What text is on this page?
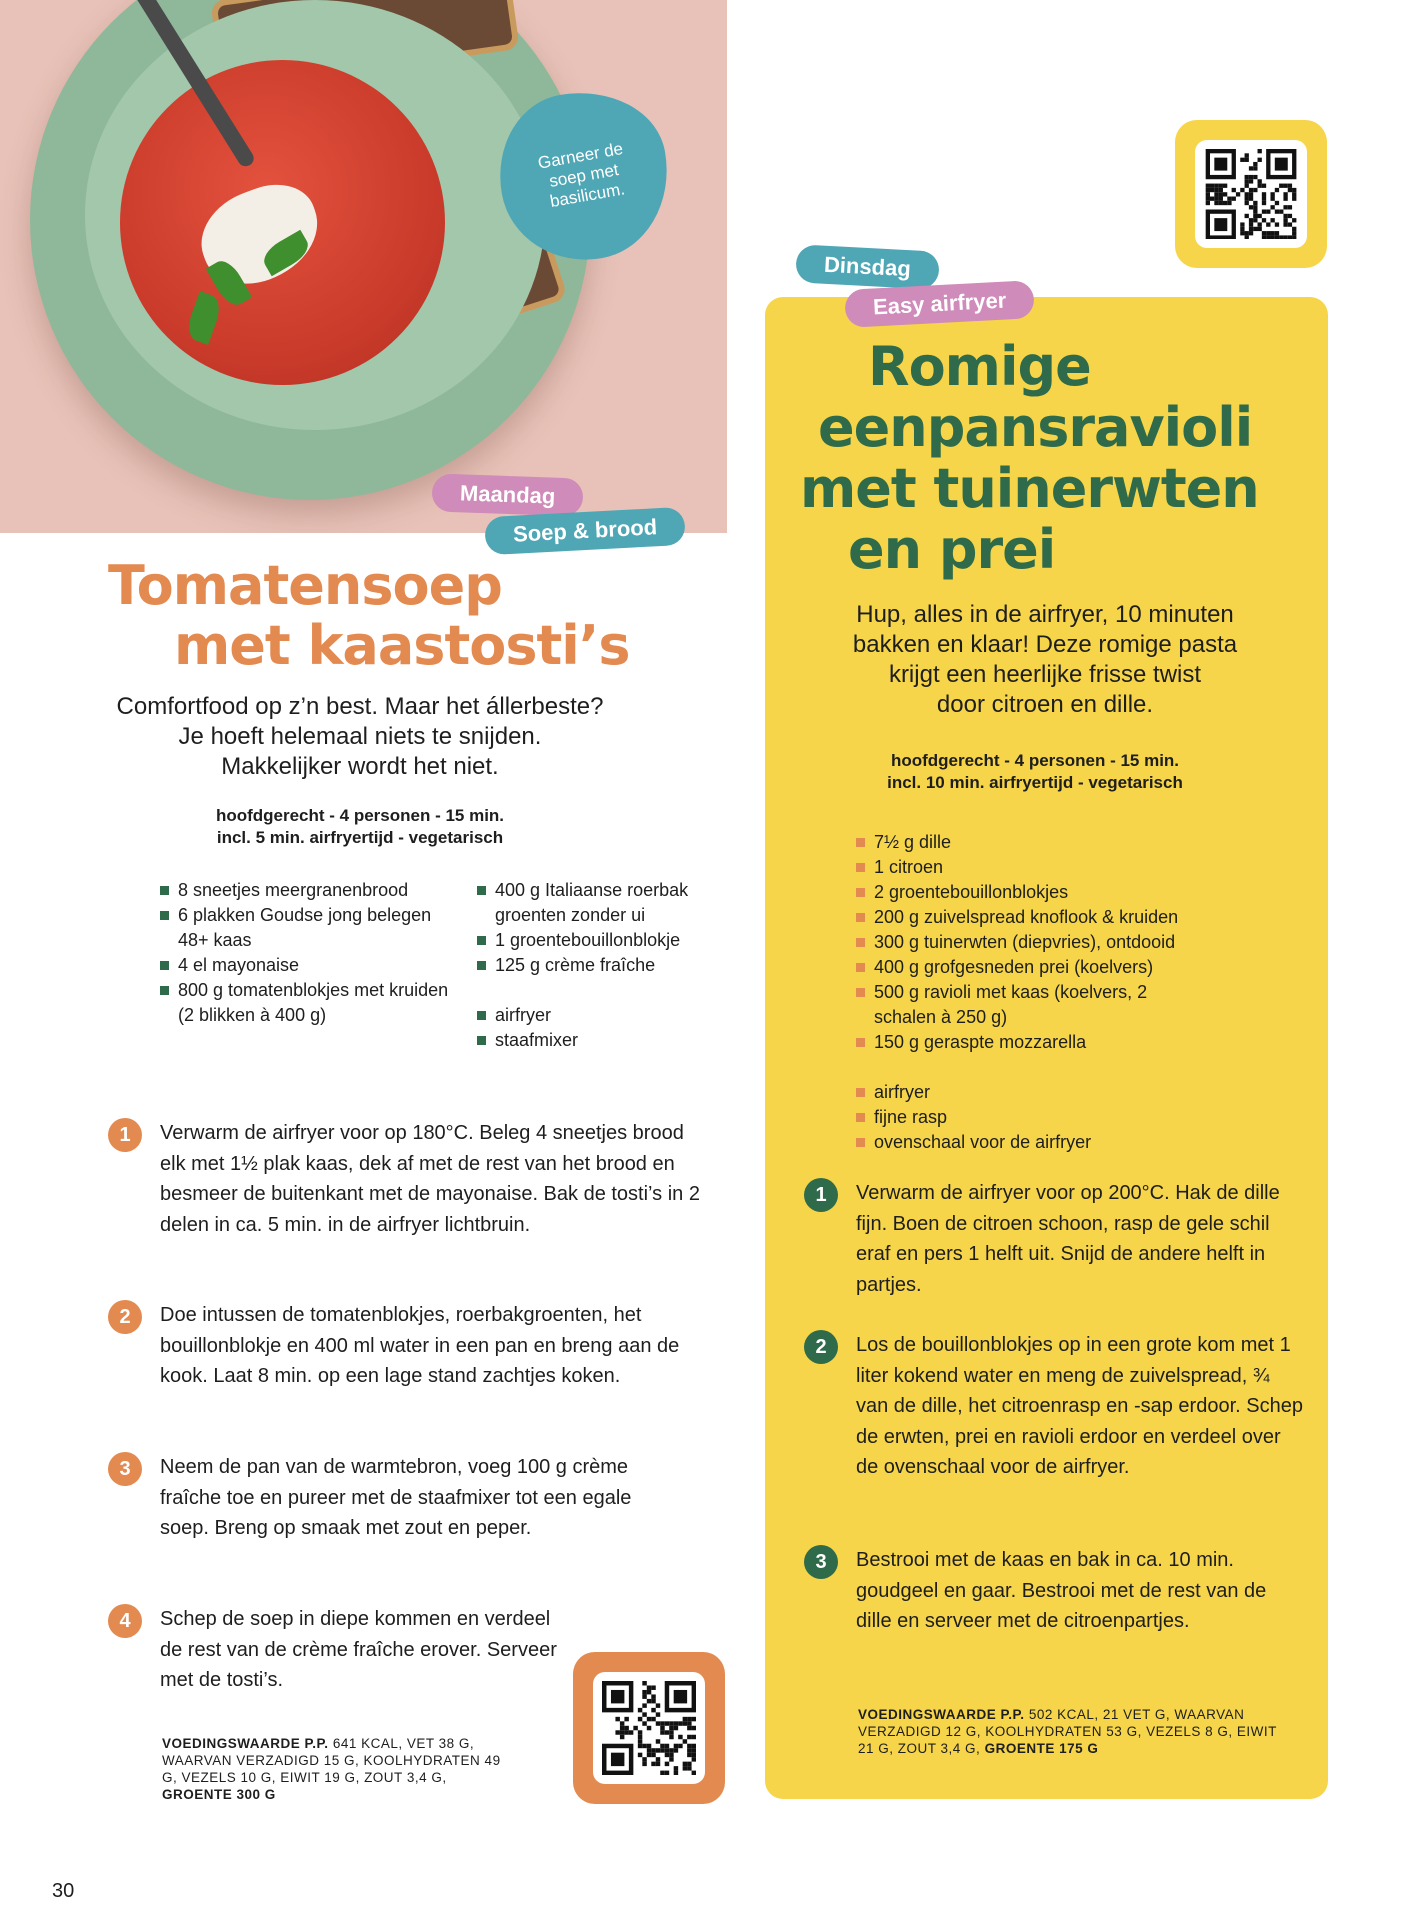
Garneer de soep met basilicum.
Maandag
Soep & brood
Tomatensoep
met kaastosti’s
Comfortfood op z’n best. Maar het állerbeste?
Je hoeft helemaal niets te snijden.
Makkelijker wordt het niet.
hoofdgerecht - 4 personen - 15 min.
incl. 5 min. airfryertijd - vegetarisch
8 sneetjes meergranenbrood
6 plakken Goudse jong belegen 48+ kaas
4 el mayonaise
800 g tomatenblokjes met kruiden (2 blikken à 400 g)
400 g Italiaanse roerbak groenten zonder ui
1 groentebouillonblokje
125 g crème fraîche
airfryer
staafmixer
1	Verwarm de airfryer voor op 180°C. Beleg 4 sneetjes brood elk met 1½ plak kaas, dek af met de rest van het brood en besmeer de buitenkant met de mayonaise. Bak de tosti’s in 2 delen in ca. 5 min. in de airfryer lichtbruin.
2	Doe intussen de tomatenblokjes, roerbakgroenten, het bouillonblokje en 400 ml water in een pan en breng aan de kook. Laat 8 min. op een lage stand zachtjes koken.
3	Neem de pan van de warmtebron, voeg 100 g crème fraîche toe en pureer met de staafmixer tot een egale soep. Breng op smaak met zout en peper.
4	Schep de soep in diepe kommen en verdeel de rest van de crème fraîche erover. Serveer met de tosti’s.
VOEDINGSWAARDE P.P. 641 KCAL, VET 38 G, WAARVAN VERZADIGD 15 G, KOOLHYDRATEN 49 G, VEZELS 10 G, EIWIT 19 G, ZOUT 3,4 G, GROENTE 300 G
Dinsdag
Easy airfryer
Romige
eenpansravioli
met tuinerwten
en prei
Hup, alles in de airfryer, 10 minuten
bakken en klaar! Deze romige pasta
krijgt een heerlijke frisse twist
door citroen en dille.
hoofdgerecht - 4 personen - 15 min.
incl. 10 min. airfryertijd - vegetarisch
7½ g dille
1 citroen
2 groentebouillonblokjes
200 g zuivelspread knoflook & kruiden
300 g tuinerwten (diepvries), ontdooid
400 g grofgesneden prei (koelvers)
500 g ravioli met kaas (koelvers, 2 schalen à 250 g)
150 g geraspte mozzarella
airfryer
fijne rasp
ovenschaal voor de airfryer
1	Verwarm de airfryer voor op 200°C. Hak de dille fijn. Boen de citroen schoon, rasp de gele schil eraf en pers 1 helft uit. Snijd de andere helft in partjes.
2	Los de bouillonblokjes op in een grote kom met 1 liter kokend water en meng de zuivelspread, ¾ van de dille, het citroenrasp en -sap erdoor. Schep de erwten, prei en ravioli erdoor en verdeel over de ovenschaal voor de airfryer.
3	Bestrooi met de kaas en bak in ca. 10 min. goudgeel en gaar. Bestrooi met de rest van de dille en serveer met de citroenpartjes.
VOEDINGSWAARDE P.P. 502 KCAL, 21 VET G, WAARVAN VERZADIGD 12 G, KOOLHYDRATEN 53 G, VEZELS 8 G, EIWIT 21 G, ZOUT 3,4 G, GROENTE 175 G
30
